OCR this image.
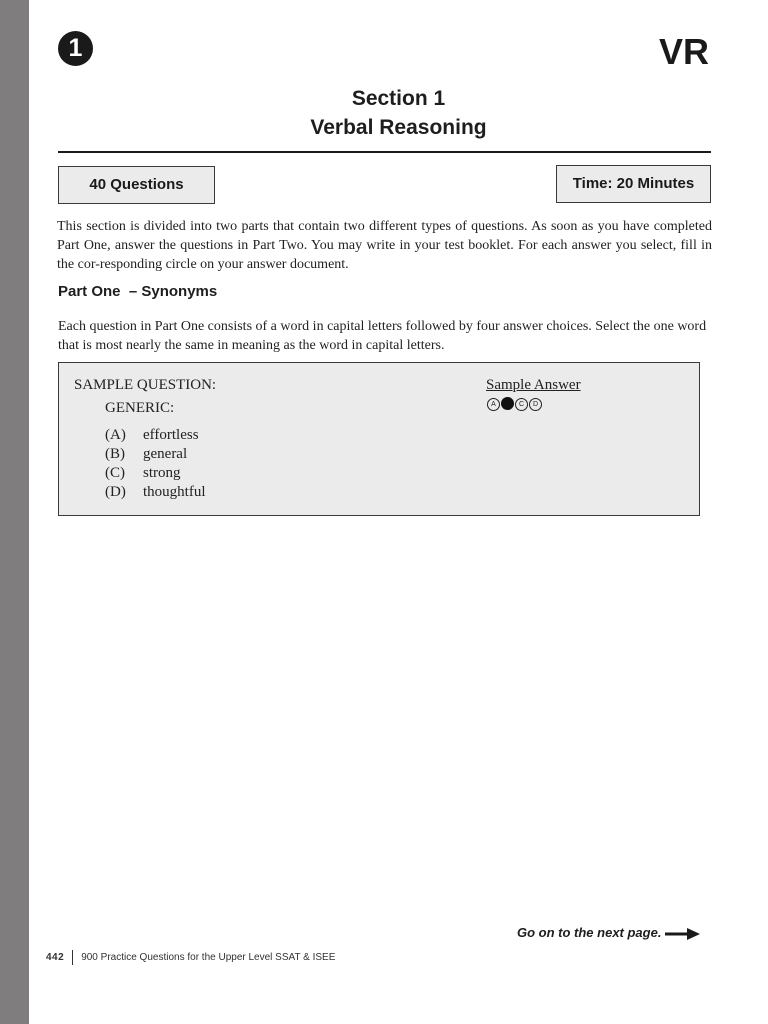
1	VR
Section 1
Verbal Reasoning
40 Questions	Time: 20 Minutes

This section is divided into two parts that contain two different types of questions. As soon as you have completed Part One, answer the questions in Part Two. You may write in your test booklet. For each answer you select, fill in the cor-responding circle on your answer document.

Part One  – Synonyms

Each question in Part One consists of a word in capital letters followed by four answer choices. Select the one word that is most nearly the same in meaning as the word in capital letters.

SAMPLE QUESTION:
GENERIC:
(A) effortless
(B) general
(C) strong
(D) thoughtful
Sample Answer
A	C	D
Go on to the next page.
442 900 Practice Questions for the Upper Level SSAT & ISEE
